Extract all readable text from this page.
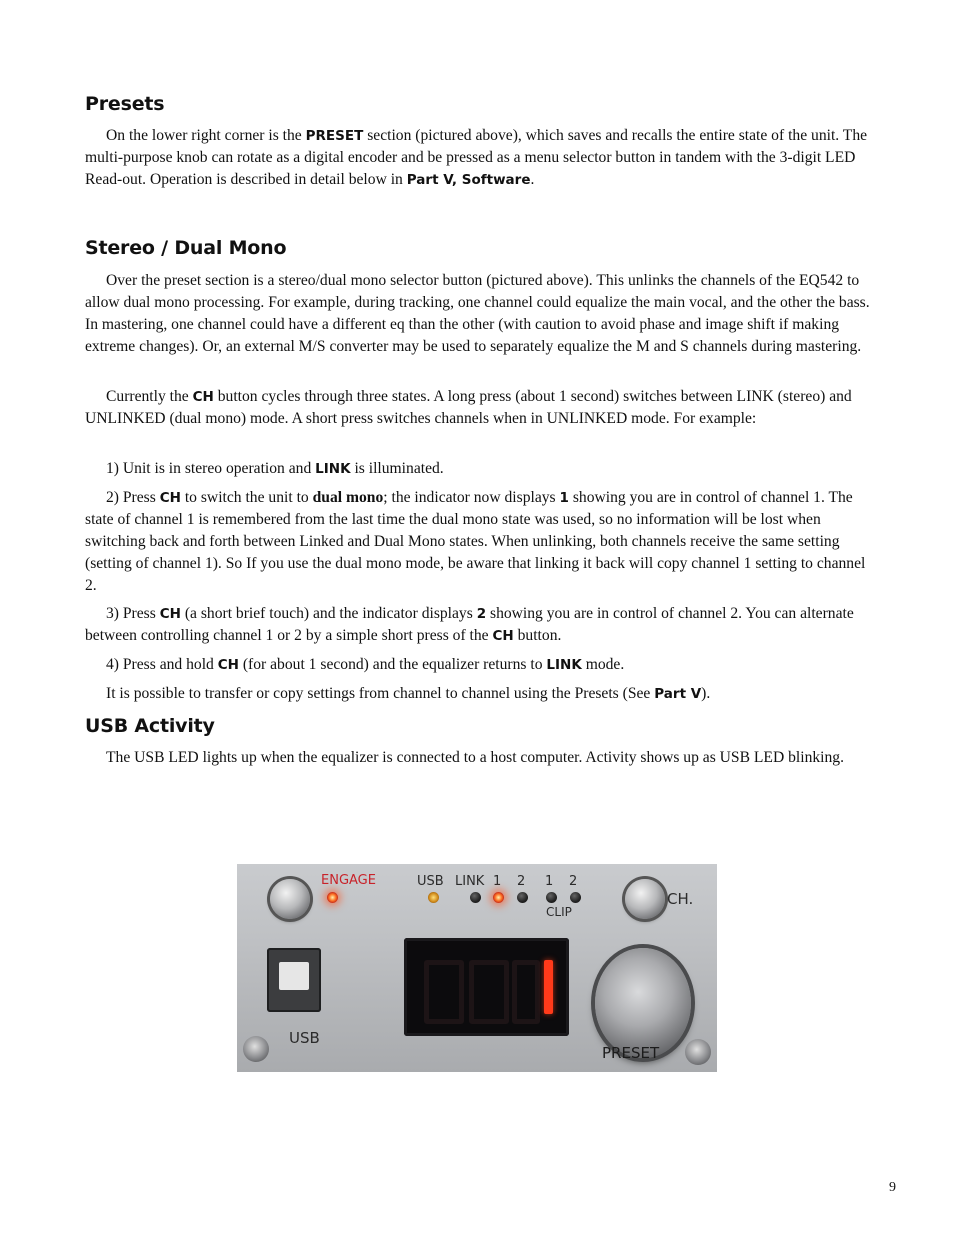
Presets

On the lower right corner is the PRESET section (pictured above), which saves and recalls the entire state of the unit. The multi-purpose knob can rotate as a digital encoder and be pressed as a menu selector button in tandem with the 3-digit LED Read-out. Operation is described in detail below in Part V, Software.

Stereo / Dual Mono

Over the preset section is a stereo/dual mono selector button (pictured above). This unlinks the channels of the EQ542 to allow dual mono processing. For example, during tracking, one channel could equalize the main vocal, and the other the bass. In mastering, one channel could have a different eq than the other (with caution to avoid phase and image shift if making extreme changes). Or, an external M/S converter may be used to separately equalize the M and S channels during mastering.

Currently the CH button cycles through three states. A long press (about 1 second) switches between LINK (stereo) and UNLINKED (dual mono) mode. A short press switches channels when in UNLINKED mode. For example:

1) Unit is in stereo operation and LINK is illuminated.

2) Press CH to switch the unit to dual mono; the indicator now displays 1 showing you are in control of channel 1. The state of channel 1 is remembered from the last time the dual mono state was used, so no information will be lost when switching back and forth between Linked and Dual Mono states. When unlinking, both channels receive the same setting (setting of channel 1). So If you use the dual mono mode, be aware that linking it back will copy channel 1 setting to channel 2.

3) Press CH (a short brief touch) and the indicator displays 2 showing you are in control of channel 2. You can alternate between controlling channel 1 or 2 by a simple short press of the CH button.

4) Press and hold CH (for about 1 second) and the equalizer returns to LINK mode.

It is possible to transfer or copy settings from channel to channel using the Presets (See Part V).

USB Activity

The USB LED lights up when the equalizer is connected to a host computer. Activity shows up as USB LED blinking.

ENGAGE	USB LINK 1 2 1 2
CLIP
CH.
USB
PRESET
9
